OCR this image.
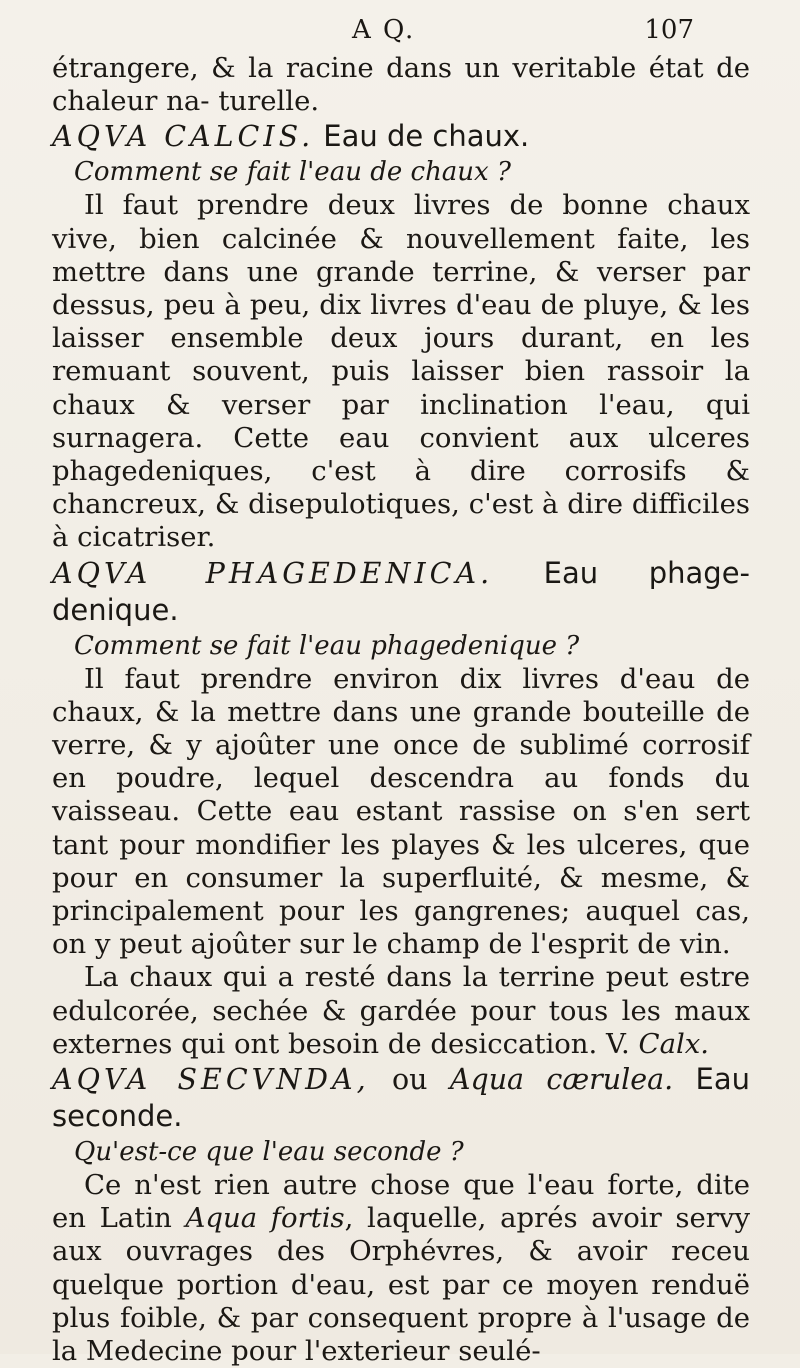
A Q.	107

étrangere, & la racine dans un veritable état de chaleur na- turelle.

AQVA CALCIS. Eau de chaux.

Comment se fait l'eau de chaux ?

Il faut prendre deux livres de bonne chaux vive, bien calcinée & nouvellement faite, les mettre dans une grande terrine, & verser par dessus, peu à peu, dix livres d'eau de pluye, & les laisser ensemble deux jours durant, en les remuant souvent, puis laisser bien rassoir la chaux & verser par inclination l'eau, qui surnagera. Cette eau convient aux ulceres phagedeniques, c'est à dire corrosifs & chancreux, & disepulotiques, c'est à dire difficiles à cicatriser.

AQVA PHAGEDENICA. Eau phage-denique.

Comment se fait l'eau phagedenique ?

Il faut prendre environ dix livres d'eau de chaux, & la mettre dans une grande bouteille de verre, & y ajoûter une once de sublimé corrosif en poudre, lequel descendra au fonds du vaisseau. Cette eau estant rassise on s'en sert tant pour mondifier les playes & les ulceres, que pour en consumer la superfluité, & mesme, & principalement pour les gangrenes; auquel cas, on y peut ajoûter sur le champ de l'esprit de vin.

La chaux qui a resté dans la terrine peut estre edulcorée, sechée & gardée pour tous les maux externes qui ont besoin de desiccation. V. Calx.

AQVA SECVNDA, ou Aqua cærulea. Eau seconde.

Qu'est-ce que l'eau seconde ?

Ce n'est rien autre chose que l'eau forte, dite en Latin Aqua fortis, laquelle, aprés avoir servy aux ouvrages des Orphévres, & avoir receu quelque portion d'eau, est par ce moyen renduë plus foible, & par consequent propre à l'usage de la Medecine pour l'exterieur seulé-
